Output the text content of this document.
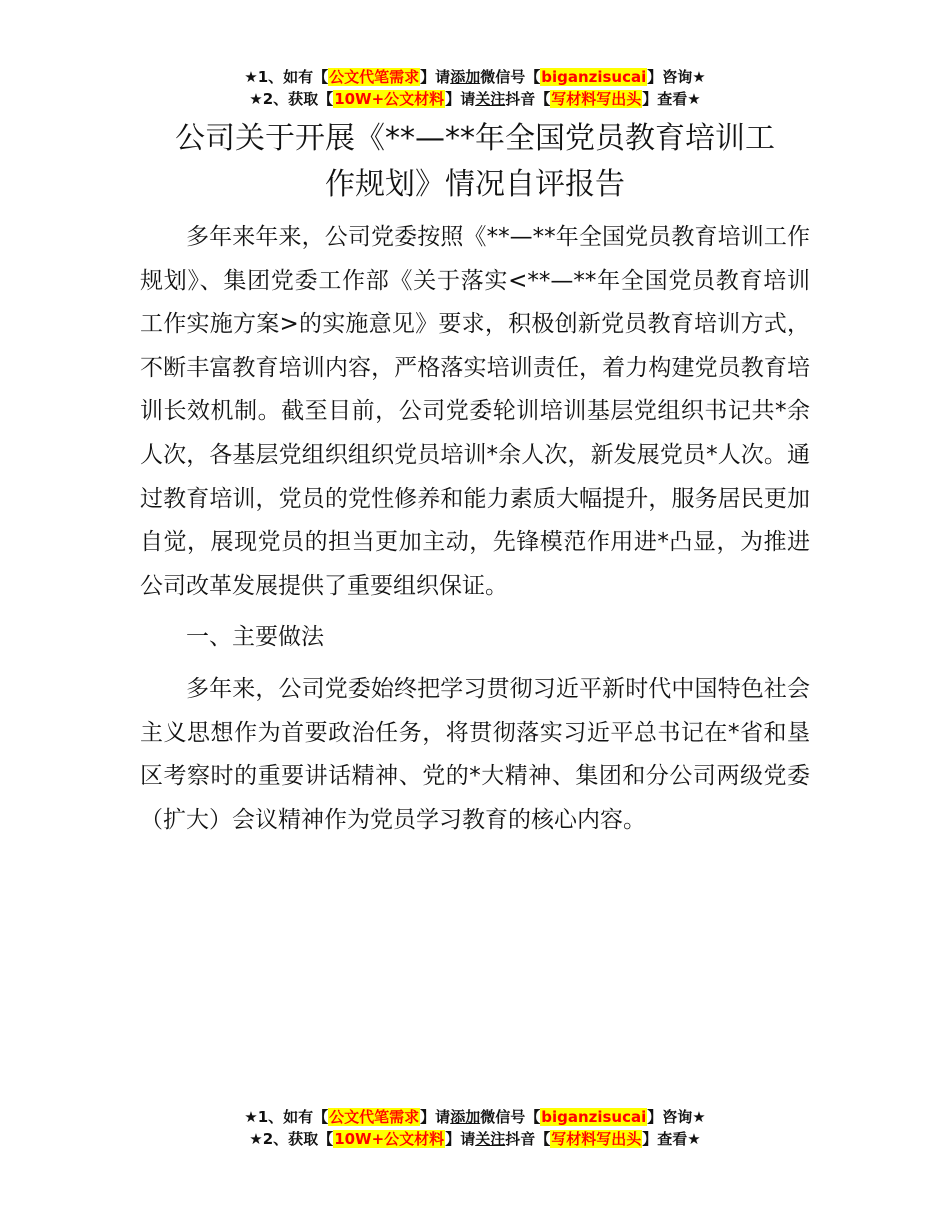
★1、如有【公文代笔需求】请添加微信号【biganzisucai】咨询★
★2、获取【10W+公文材料】请关注抖音【写材料写出头】查看★
公司关于开展《**—**年全国党员教育培训工
作规划》情况自评报告

多年来年来，公司党委按照《**—**年全国党员教育培训工作规划》、集团党委工作部《关于落实<**—**年全国党员教育培训工作实施方案>的实施意见》要求，积极创新党员教育培训方式，不断丰富教育培训内容，严格落实培训责任，着力构建党员教育培训长效机制。截至目前，公司党委轮训培训基层党组织书记共*余人次，各基层党组织组织党员培训*余人次，新发展党员*人次。通过教育培训，党员的党性修养和能力素质大幅提升，服务居民更加自觉，展现党员的担当更加主动，先锋模范作用进*凸显，为推进公司改革发展提供了重要组织保证。

一、主要做法

多年来，公司党委始终把学习贯彻习近平新时代中国特色社会主义思想作为首要政治任务，将贯彻落实习近平总书记在*省和垦区考察时的重要讲话精神、党的*大精神、集团和分公司两级党委（扩大）会议精神作为党员学习教育的核心内容。

★1、如有【公文代笔需求】请添加微信号【biganzisucai】咨询★
★2、获取【10W+公文材料】请关注抖音【写材料写出头】查看★
